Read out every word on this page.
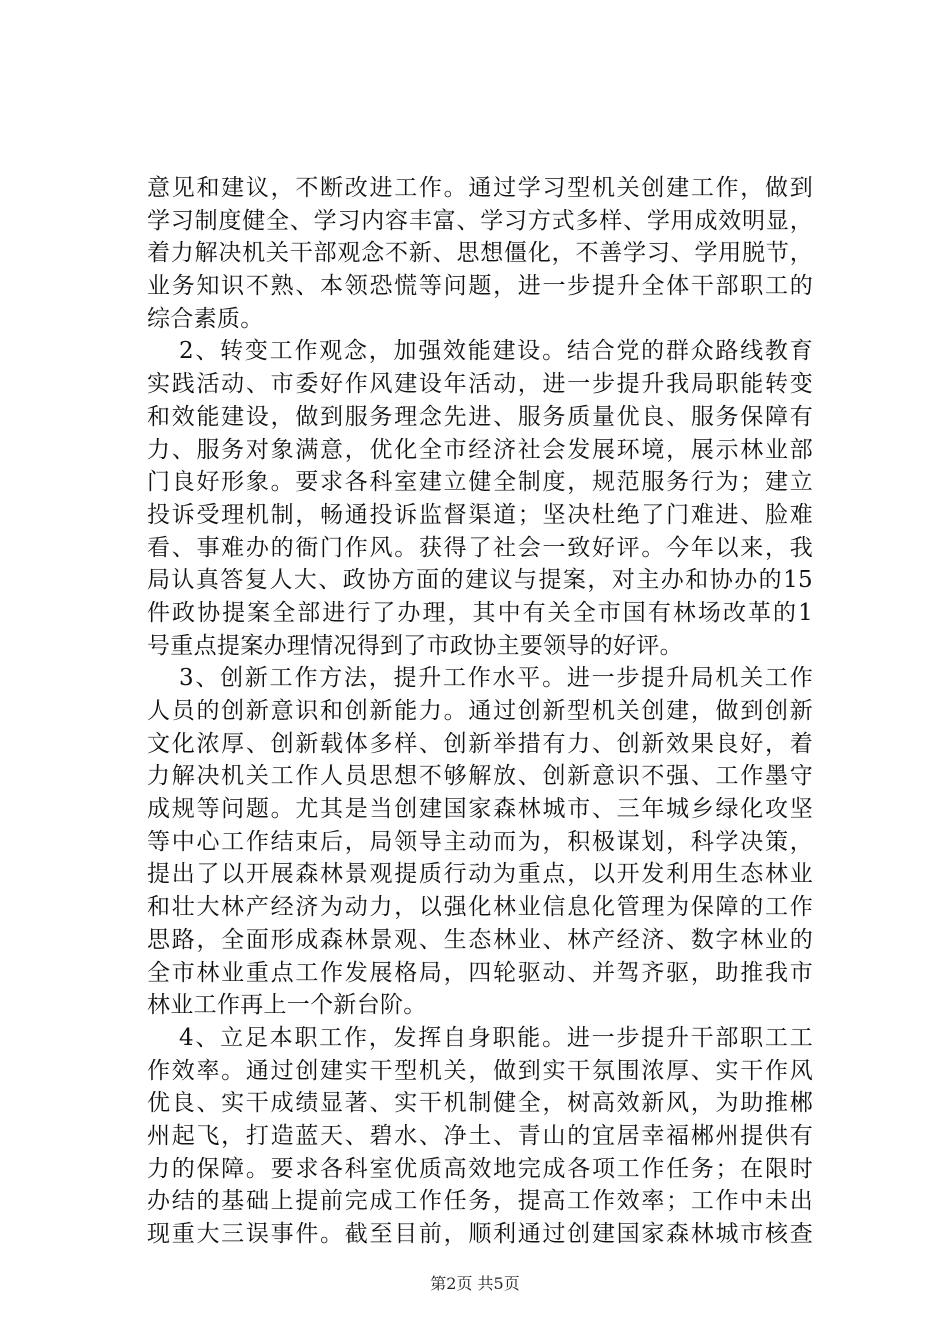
意见和建议，不断改进工作。通过学习型机关创建工作，做到
学习制度健全、学习内容丰富、学习方式多样、学用成效明显，
着力解决机关干部观念不新、思想僵化，不善学习、学用脱节，
业务知识不熟、本领恐慌等问题，进一步提升全体干部职工的
综合素质。
2、转变工作观念，加强效能建设。结合党的群众路线教育
实践活动、市委好作风建设年活动，进一步提升我局职能转变
和效能建设，做到服务理念先进、服务质量优良、服务保障有
力、服务对象满意，优化全市经济社会发展环境，展示林业部
门良好形象。要求各科室建立健全制度，规范服务行为；建立
投诉受理机制，畅通投诉监督渠道；坚决杜绝了门难进、脸难
看、事难办的衙门作风。获得了社会一致好评。今年以来，我
局认真答复人大、政协方面的建议与提案，对主办和协办的15
件政协提案全部进行了办理，其中有关全市国有林场改革的1
号重点提案办理情况得到了市政协主要领导的好评。
3、创新工作方法，提升工作水平。进一步提升局机关工作
人员的创新意识和创新能力。通过创新型机关创建，做到创新
文化浓厚、创新载体多样、创新举措有力、创新效果良好，着
力解决机关工作人员思想不够解放、创新意识不强、工作墨守
成规等问题。尤其是当创建国家森林城市、三年城乡绿化攻坚
等中心工作结束后，局领导主动而为，积极谋划，科学决策，
提出了以开展森林景观提质行动为重点，以开发利用生态林业
和壮大林产经济为动力，以强化林业信息化管理为保障的工作
思路，全面形成森林景观、生态林业、林产经济、数字林业的
全市林业重点工作发展格局，四轮驱动、并驾齐驱，助推我市
林业工作再上一个新台阶。
4、立足本职工作，发挥自身职能。进一步提升干部职工工
作效率。通过创建实干型机关，做到实干氛围浓厚、实干作风
优良、实干成绩显著、实干机制健全，树高效新风，为助推郴
州起飞，打造蓝天、碧水、净土、青山的宜居幸福郴州提供有
力的保障。要求各科室优质高效地完成各项工作任务；在限时
办结的基础上提前完成工作任务，提高工作效率；工作中未出
现重大三误事件。截至目前，顺利通过创建国家森林城市核查
第2页 共5页
